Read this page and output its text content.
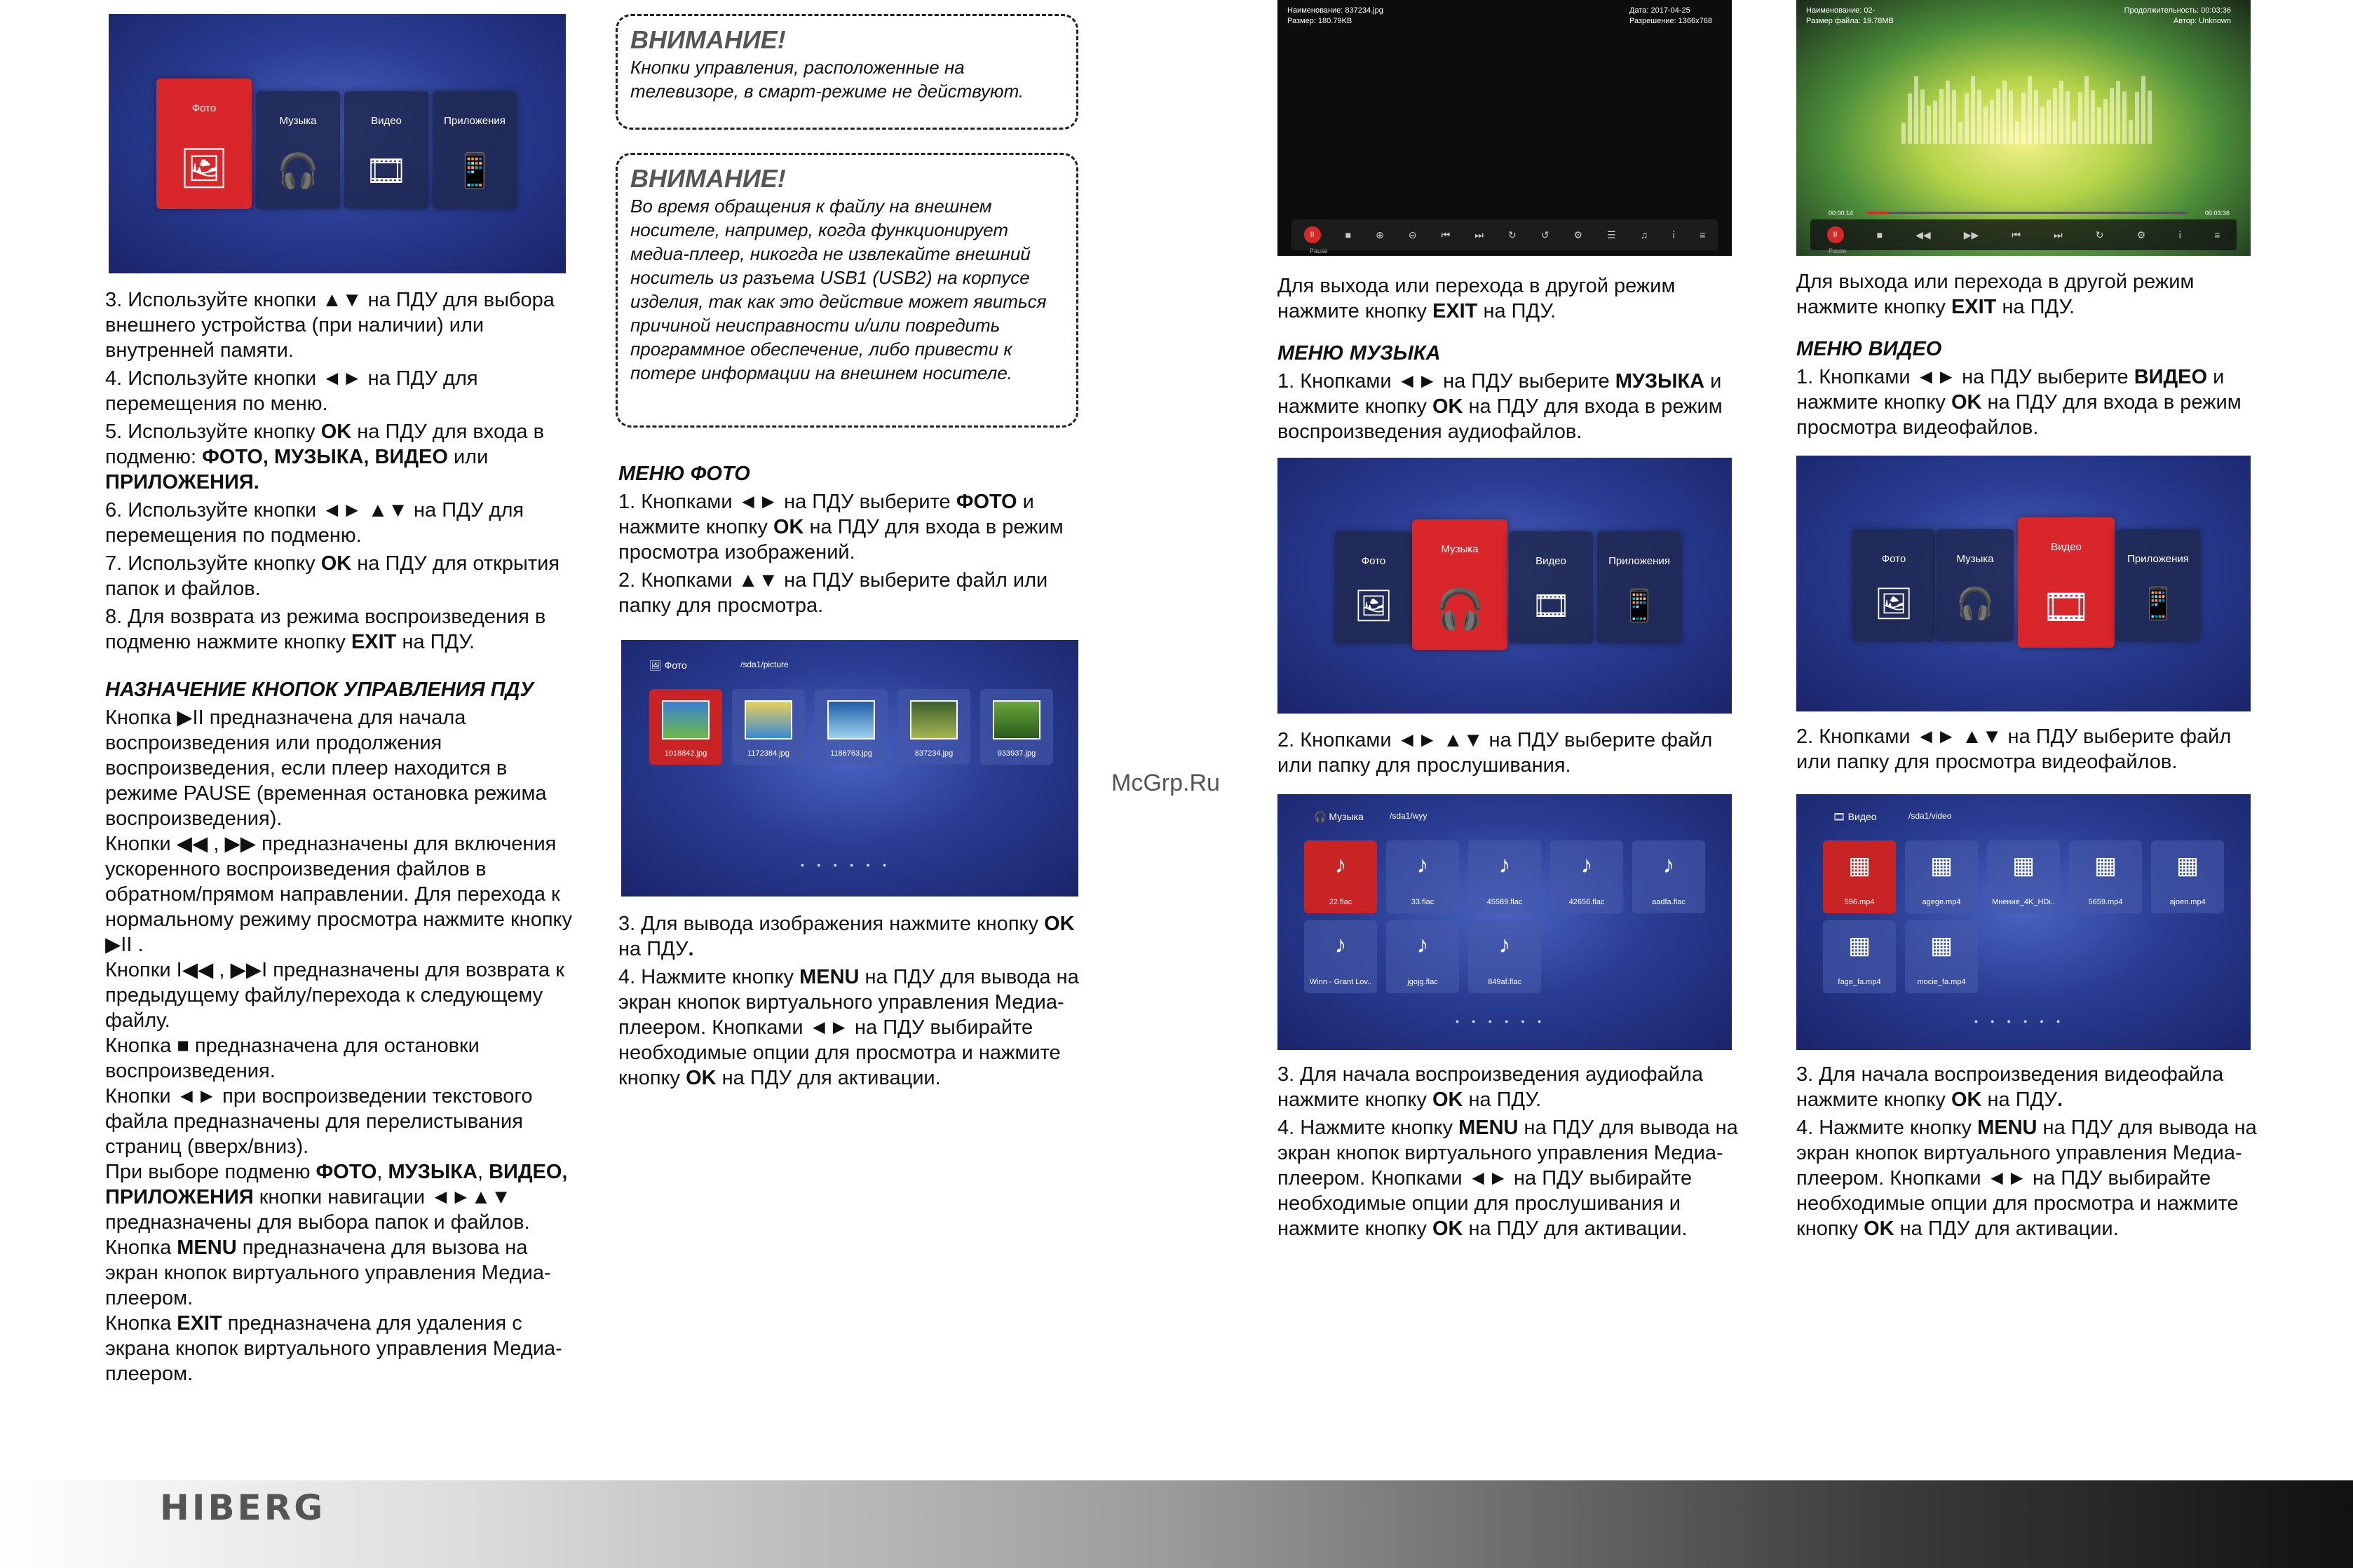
Фото
🖼
Музыка
🎧
Видео
🎞
Приложения
📱

3. Используйте кнопки ▲▼ на ПДУ для выбора внешнего устройства (при наличии) или внутренней памяти.

4. Используйте кнопки ◄► на ПДУ для перемещения по меню.

5. Используйте кнопку OK на ПДУ для входа в подменю: ФОТО, МУЗЫКА, ВИДЕО или ПРИЛОЖЕНИЯ.

6. Используйте кнопки ◄► ▲▼ на ПДУ для перемещения по подменю.

7. Используйте кнопку OK на ПДУ для открытия папок и файлов.

8. Для возврата из режима воспроизведения в подменю нажмите кнопку EXIT на ПДУ.

НАЗНАЧЕНИЕ КНОПОК УПРАВЛЕНИЯ ПДУ

Кнопка ▶II предназначена для начала воспроизведения или продолжения воспроизведения, если плеер находится в режиме PAUSE (временная остановка режима воспроизведения).

Кнопки ◀◀ , ▶▶ предназначены для включения ускоренного воспроизведения файлов в обратном/прямом направлении. Для перехода к нормальному режиму просмотра нажмите кнопку ▶II .

Кнопки I◀◀ , ▶▶I предназначены для возврата к предыдущему файлу/перехода к следующему файлу.

Кнопка ■ предназначена для остановки воспроизведения.

Кнопки ◄► при воспроизведении текстового файла предназначены для перелистывания страниц (вверх/вниз).

При выборе подменю ФОТО, МУЗЫКА, ВИДЕО, ПРИЛОЖЕНИЯ кнопки навигации ◄►▲▼ предназначены для выбора папок и файлов.

Кнопка MENU предназначена для вызова на экран кнопок виртуального управления Медиа-плеером.

Кнопка EXIT предназначена для удаления с экрана кнопок виртуального управления Медиа-плеером.

ВНИМАНИЕ!
Кнопки управления, расположенные на телевизоре, в смарт-режиме не действуют.
ВНИМАНИЕ!
Во время обращения к файлу на внешнем носителе, например, когда функционирует медиа-плеер, никогда не извлекайте внешний носитель из разъема USB1 (USB2) на корпусе изделия, так как это действие может явиться причиной неисправности и/или повредить программное обеспечение, либо привести к потере информации на внешнем носителе.

МЕНЮ ФОТО

1. Кнопками ◄► на ПДУ выберите ФОТО и нажмите кнопку OK на ПДУ для входа в режим просмотра изображений.

2. Кнопками ▲▼ на ПДУ выберите файл или папку для просмотра.

🖼 Фото	/sda1/picture
1018842.jpg	1172384.jpg	1186763.jpg	837234.jpg	933937.jpg
●●●●●●

3. Для вывода изображения нажмите кнопку OK на ПДУ.

4. Нажмите кнопку MENU на ПДУ для вывода на экран кнопок виртуального управления Медиа-плеером. Кнопками ◄► на ПДУ выбирайте необходимые опции для просмотра и нажмите кнопку OK на ПДУ для активации.

McGrp.Ru
Наименование: 837234.jpg
Размер: 180.79KB
Дата: 2017-04-25
Разрешение: 1366x768
II	■	⊕	⊖	⏮	⏭	↻	↺	⚙	☰	♫	ⅰ	≡
Pause

Для выхода или перехода в другой режим нажмите кнопку EXIT на ПДУ.

МЕНЮ МУЗЫКА

1. Кнопками ◄► на ПДУ выберите МУЗЫКА и нажмите кнопку OK на ПДУ для входа в режим воспроизведения аудиофайлов.

Фото
🖼
Музыка
🎧
Видео
🎞
Приложения
📱
2. Кнопками ◄► ▲▼ на ПДУ выберите файл или папку для прослушивания.
🎧 Музыка	/sda1/wyy
♪
22.flac
♪
33.flac
♪
45589.flac
♪
42656.flac
♪
aadfa.flac
♪
Winn - Grant Lov..
♪
jgojg.flac
♪
849af.flac
●●●●●●

3. Для начала воспроизведения аудиофайла нажмите кнопку OK на ПДУ.

4. Нажмите кнопку MENU на ПДУ для вывода на экран кнопок виртуального управления Медиа-плеером. Кнопками ◄► на ПДУ выбирайте необходимые опции для прослушивания и нажмите кнопку OK на ПДУ для активации.

Наименование: 02-
Размер файла: 19.78MB
Продолжительность: 00:03:36
Автор: Unknown
00:00:14	00:03:36
II	■	◀◀	▶▶	⏮	⏭	↻	⚙	ⅰ	≡
Pause

Для выхода или перехода в другой режим нажмите кнопку EXIT на ПДУ.

МЕНЮ ВИДЕО

1. Кнопками ◄► на ПДУ выберите ВИДЕО и нажмите кнопку OK на ПДУ для входа в режим просмотра видеофайлов.

Фото
🖼
Музыка
🎧
Видео
🎞
Приложения
📱
2. Кнопками ◄► ▲▼ на ПДУ выберите файл или папку для просмотра видеофайлов.
🎞 Видео	/sda1/video
▦
596.mp4
▦
agege.mp4
▦
Мнение_4K_HDi..
▦
5659.mp4
▦
ajoen.mp4
▦
fage_fa.mp4
▦
mocie_fa.mp4
●●●●●●

3. Для начала воспроизведения видеофайла нажмите кнопку OK на ПДУ.

4. Нажмите кнопку MENU на ПДУ для вывода на экран кнопок виртуального управления Медиа-плеером. Кнопками ◄► на ПДУ выбирайте необходимые опции для просмотра и нажмите кнопку OK на ПДУ для активации.

HIBERG
